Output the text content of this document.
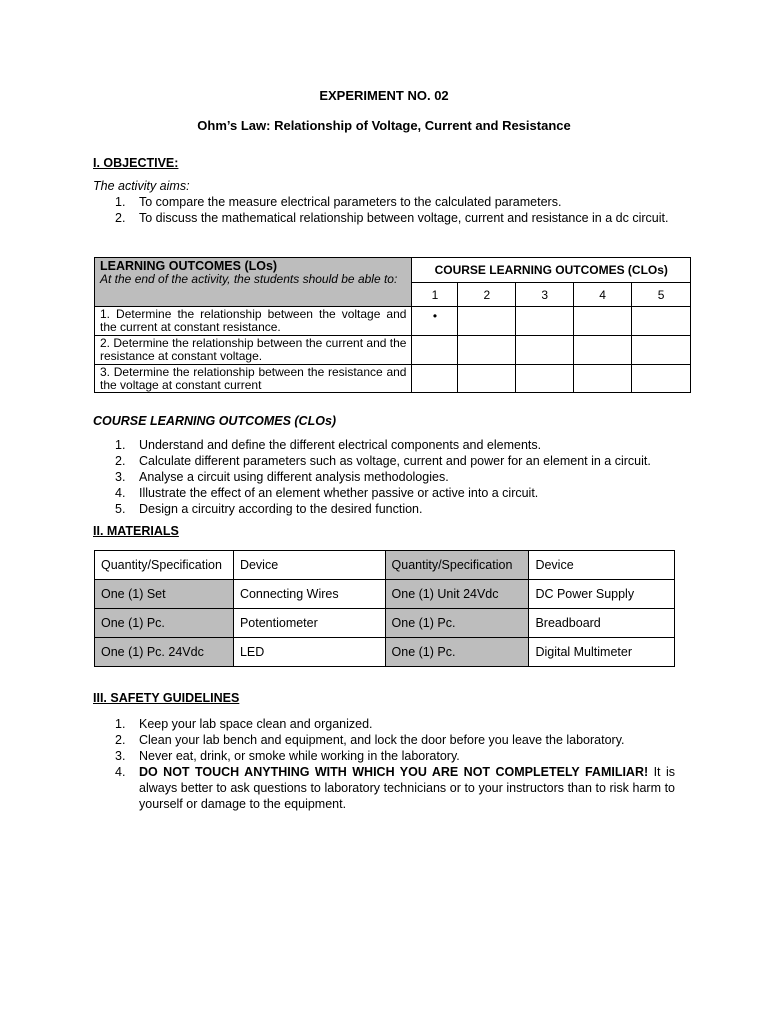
EXPERIMENT NO. 02
Ohm’s Law: Relationship of Voltage, Current and Resistance
I. OBJECTIVE:
The activity aims:
1. To compare the measure electrical parameters to the calculated parameters.
2. To discuss the mathematical relationship between voltage, current and resistance in a dc circuit.
LEARNING OUTCOMES (LOs)
At the end of the activity, the students should be able to:	COURSE LEARNING OUTCOMES (CLOs)				
	1	2	3	4	5
1. Determine the relationship between the voltage and the current at constant resistance.	•				
2. Determine the relationship between the current and the resistance at constant voltage.					
3. Determine the relationship between the resistance and the voltage at constant current					
COURSE LEARNING OUTCOMES (CLOs)
1. Understand and define the different electrical components and elements.
2. Calculate different parameters such as voltage, current and power for an element in a circuit.
3. Analyse a circuit using different analysis methodologies.
4. Illustrate the effect of an element whether passive or active into a circuit.
5. Design a circuitry according to the desired function.
II. MATERIALS
Quantity/Specification	Device	Quantity/Specification	Device
One (1) Set	Connecting Wires	One (1) Unit 24Vdc	DC Power Supply
One (1) Pc.	Potentiometer	One (1) Pc.	Breadboard
One (1) Pc. 24Vdc	LED	One (1) Pc.	Digital Multimeter
III. SAFETY GUIDELINES
1. Keep your lab space clean and organized.
2. Clean your lab bench and equipment, and lock the door before you leave the laboratory.
3. Never eat, drink, or smoke while working in the laboratory.
4. DO NOT TOUCH ANYTHING WITH WHICH YOU ARE NOT COMPLETELY FAMILIAR! It is always better to ask questions to laboratory technicians or to your instructors than to risk harm to yourself or damage to the equipment.
